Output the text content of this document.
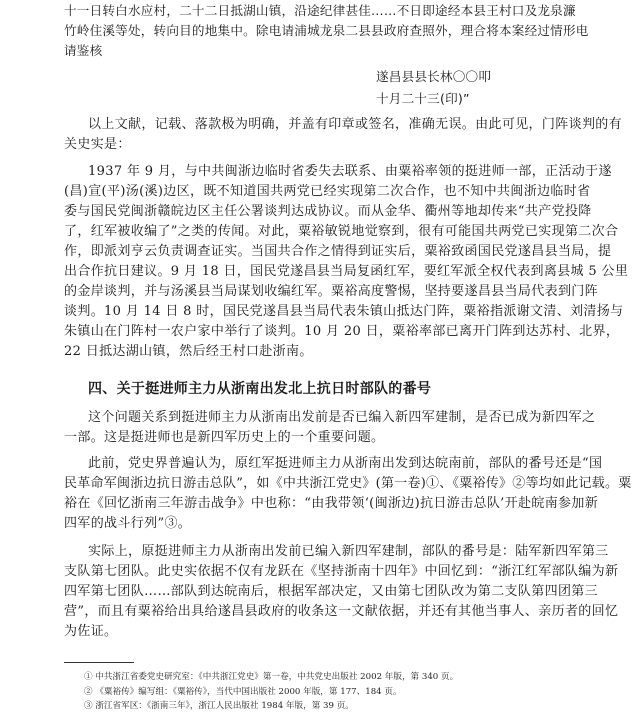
十一日转白水应村，二十二日抵湖山镇，沿途纪律甚佳……不日即途经本县王村口及龙泉濂
竹岭住溪等处，转向目的地集中。除电请浦城龙泉二县县政府查照外，理合将本案经过情形电
请鉴核
遂昌县县长林〇〇叩
十月二十三(印)”
以上文献，记载、落款极为明确，并盖有印章或签名，准确无误。由此可见，门阵谈判的有
关史实是：
1937 年 9 月，与中共闽浙边临时省委失去联系、由粟裕率领的挺进师一部，正活动于遂
(昌)宣(平)汤(溪)边区，既不知道国共两党已经实现第二次合作，也不知中共闽浙边临时省
委与国民党闽浙赣皖边区主任公署谈判达成协议。而从金华、衢州等地却传来“共产党投降
了，红军被收编了”之类的传闻。对此，粟裕敏锐地觉察到，很有可能国共两党已实现第二次合
作，即派刘亨云负责调查证实。当国共合作之情得到证实后，粟裕致函国民党遂昌县当局，提
出合作抗日建议。9 月 18 日，国民党遂昌县当局复函红军，要红军派全权代表到离县城 5 公里
的金岸谈判，并与汤溪县当局谋划收编红军。粟裕高度警惕，坚持要遂昌县当局代表到门阵
谈判。10 月 14 日 8 时，国民党遂昌县当局代表朱镇山抵达门阵，粟裕指派谢文清、刘清扬与
朱镇山在门阵村一农户家中举行了谈判。10 月 20 日，粟裕率部已离开门阵到达苏村、北界，
22 日抵达湖山镇，然后经王村口赴浙南。
四、关于挺进师主力从浙南出发北上抗日时部队的番号
这个问题关系到挺进师主力从浙南出发前是否已编入新四军建制，是否已成为新四军之
一部。这是挺进师也是新四军历史上的一个重要问题。
此前，党史界普遍认为，原红军挺进师主力从浙南出发到达皖南前，部队的番号还是“国
民革命军闽浙边抗日游击总队”，如《中共浙江党史》(第一卷)①、《粟裕传》②等均如此记载。粟
裕在《回忆浙南三年游击战争》中也称：“由我带领‘(闽浙边)抗日游击总队’开赴皖南参加新
四军的战斗行列”③。
实际上，原挺进师主力从浙南出发前已编入新四军建制，部队的番号是：陆军新四军第三
支队第七团队。此史实依据不仅有龙跃在《坚持浙南十四年》中回忆到：“浙江红军部队编为新
四军第七团队……部队到达皖南后，根据军部决定，又由第七团队改为第二支队第四团第三
营”，而且有粟裕给出具给遂昌县政府的收条这一文献依据，并还有其他当事人、亲历者的回忆
为佐证。
① 中共浙江省委党史研究室：《中共浙江党史》第一卷，中共党史出版社 2002 年版，第 340 页。
② 《粟裕传》编写组：《粟裕传》，当代中国出版社 2000 年版，第 177、184 页。
③ 浙江省军区：《浙南三年》，浙江人民出版社 1984 年版，第 39 页。
